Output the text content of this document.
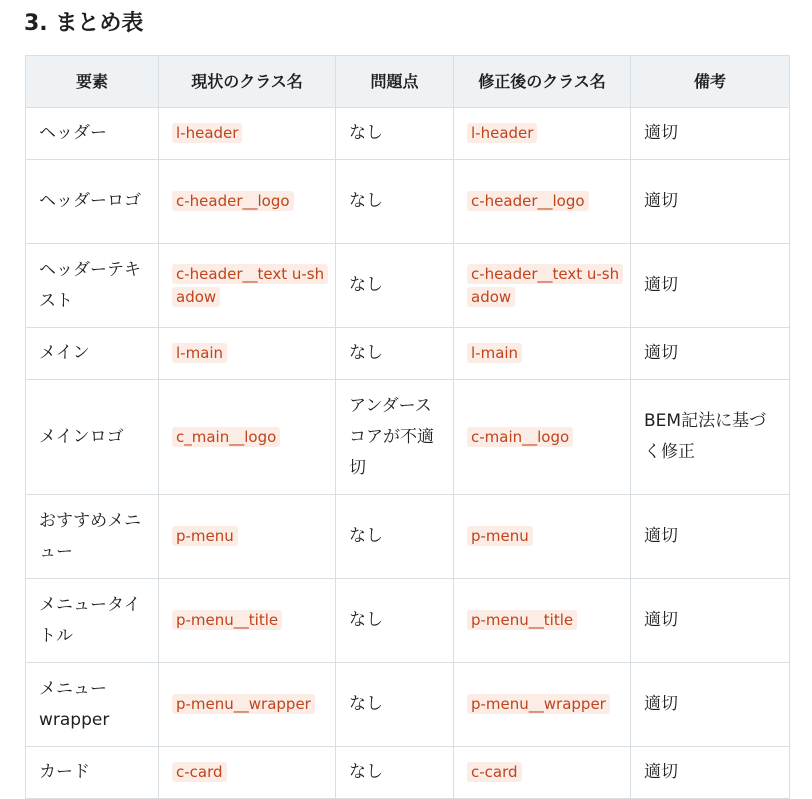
3. まとめ表
要素	現状のクラス名	問題点	修正後のクラス名	備考
ヘッダー	l-header	なし	l-header	適切
ヘッダーロゴ	c-header__logo	なし	c-header__logo	適切
ヘッダーテキスト	c-header__text u-shadow	なし	c-header__text u-shadow	適切
メイン	l-main	なし	l-main	適切
メインロゴ	c_main__logo	アンダースコアが不適切	c-main__logo	BEM記法に基づく修正
おすすめメニュー	p-menu	なし	p-menu	適切
メニュータイトル	p-menu__title	なし	p-menu__title	適切
メニューwrapper	p-menu__wrapper	なし	p-menu__wrapper	適切
カード	c-card	なし	c-card	適切
